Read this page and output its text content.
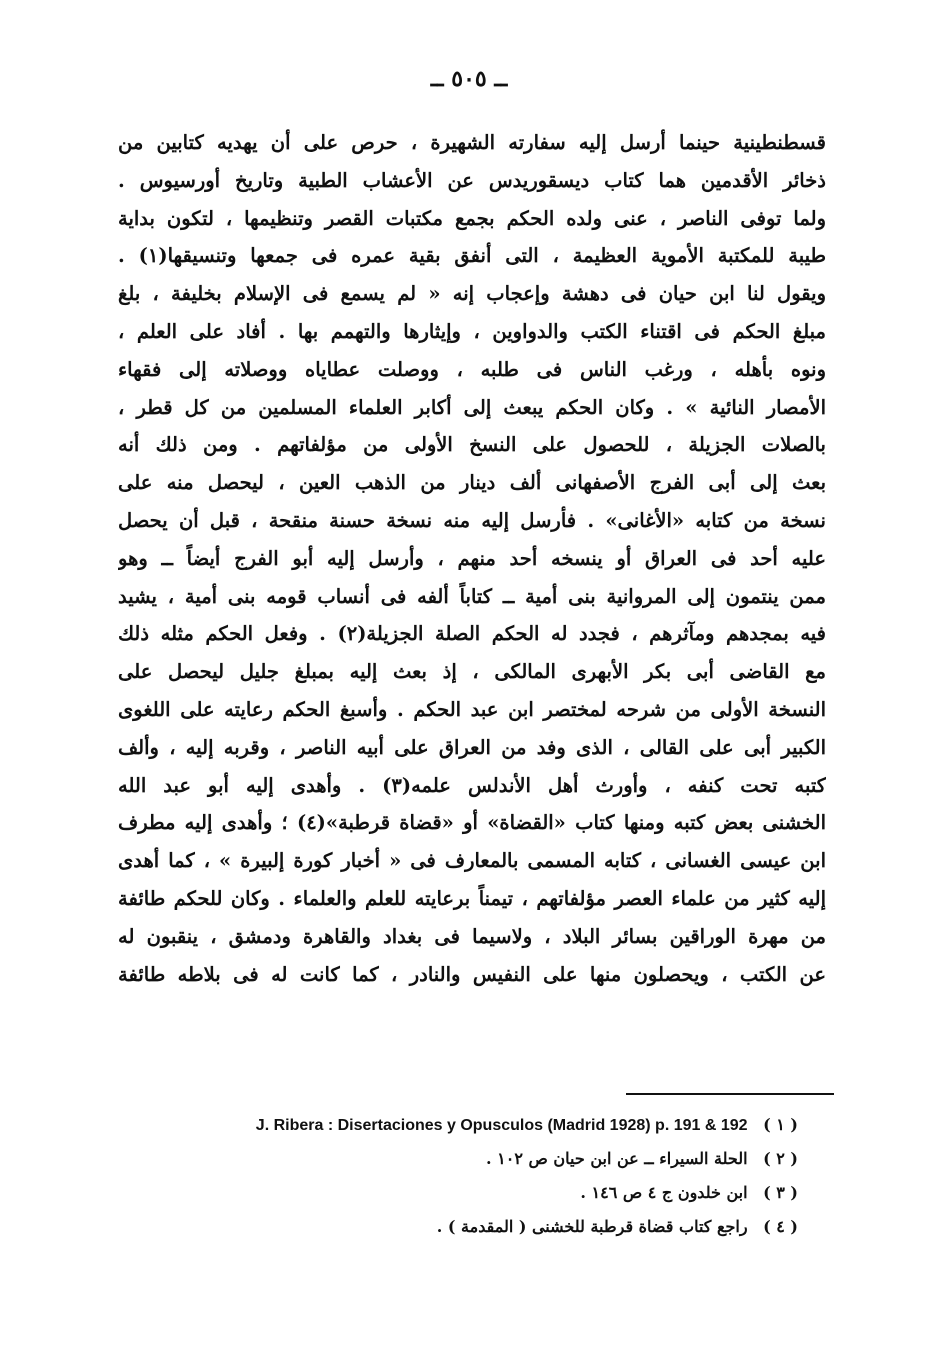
ــ ٥٠٥ ــ
قسطنطينية حينما أرسل إليه سفارته الشهيرة ، حرص على أن يهديه كتابين من
ذخائر الأقدمين هما كتاب ديسقوريدس عن الأعشاب الطبية وتاريخ أورسيوس .
ولما توفى الناصر ، عنى ولده الحكم بجمع مكتبات القصر وتنظيمها ، لتكون بداية
طيبة للمكتبة الأموية العظيمة ، التى أنفق بقية عمره فى جمعها وتنسيقها(١) .
ويقول لنا ابن حيان فى دهشة وإعجاب إنه « لم يسمع فى الإسلام بخليفة ، بلغ
مبلغ الحكم فى اقتناء الكتب والدواوين ، وإيثارها والتهمم بها . أفاد على العلم ،
ونوه بأهله ، ورغب الناس فى طلبه ، ووصلت عطاياه ووصلاته إلى فقهاء
الأمصار النائية » . وكان الحكم يبعث إلى أكابر العلماء المسلمين من كل قطر ،
بالصلات الجزيلة ، للحصول على النسخ الأولى من مؤلفاتهم . ومن ذلك أنه
بعث إلى أبى الفرج الأصفهانى ألف دينار من الذهب العين ، ليحصل منه على
نسخة من كتابه «الأغانى» . فأرسل إليه منه نسخة حسنة منقحة ، قبل أن يحصل
عليه أحد فى العراق أو ينسخه أحد منهم ، وأرسل إليه أبو الفرج أيضاً ــ وهو
ممن ينتمون إلى المروانية بنى أمية ــ كتاباً ألفه فى أنساب قومه بنى أمية ، يشيد
فيه بمجدهم ومآثرهم ، فجدد له الحكم الصلة الجزيلة(٢) . وفعل الحكم مثله ذلك
مع القاضى أبى بكر الأبهرى المالكى ، إذ بعث إليه بمبلغ جليل ليحصل على
النسخة الأولى من شرحه لمختصر ابن عبد الحكم . وأسبغ الحكم رعايته على اللغوى
الكبير أبى على القالى ، الذى وفد من العراق على أبيه الناصر ، وقربه إليه ، وألف
كتبه تحت كنفه ، وأورث أهل الأندلس علمه(٣) . وأهدى إليه أبو عبد الله
الخشنى بعض كتبه ومنها كتاب «القضاة» أو «قضاة قرطبة»(٤) ؛ وأهدى إليه مطرف
ابن عيسى الغسانى ، كتابه المسمى بالمعارف فى « أخبار كورة إلبيرة » ، كما أهدى
إليه كثير من علماء العصر مؤلفاتهم ، تيمناً برعايته للعلم والعلماء . وكان للحكم طائفة
من مهرة الوراقين بسائر البلاد ، ولاسيما فى بغداد والقاهرة ودمشق ، ينقبون له
عن الكتب ، ويحصلون منها على النفيس والنادر ، كما كانت له فى بلاطه طائفة
( ١ ) J. Ribera : Disertaciones y Opusculos (Madrid 1928) p. 191 & 192
( ٢ ) الحلة السيراء ــ عن ابن حيان ص ١٠٢ .
( ٣ ) ابن خلدون ج ٤ ص ١٤٦ .
( ٤ ) راجع كتاب قضاة قرطبة للخشنى ( المقدمة ) .
